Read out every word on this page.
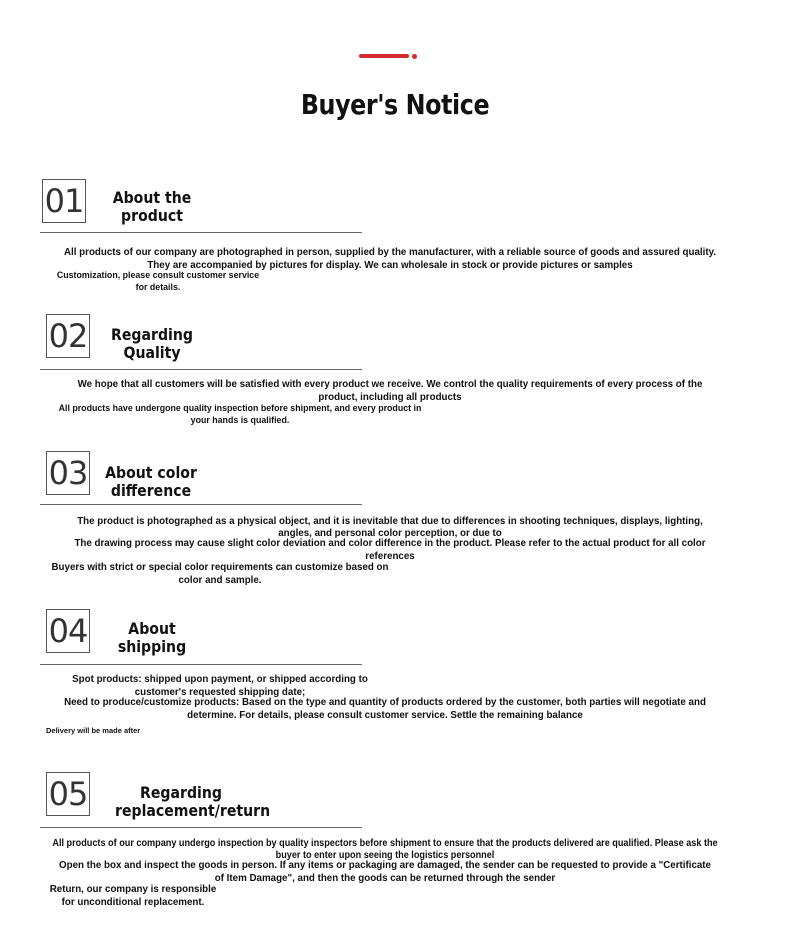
Buyer's Notice
01	About the
product
All products of our company are photographed in person, supplied by the manufacturer, with a reliable source of goods and assured quality.
They are accompanied by pictures for display. We can wholesale in stock or provide pictures or samples
Customization, please consult customer service
for details.
02	Regarding
Quality
We hope that all customers will be satisfied with every product we receive. We control the quality requirements of every process of the
product, including all products
All products have undergone quality inspection before shipment, and every product in
your hands is qualified.
03	About color
difference
The product is photographed as a physical object, and it is inevitable that due to differences in shooting techniques, displays, lighting,
angles, and personal color perception, or due to
The drawing process may cause slight color deviation and color difference in the product. Please refer to the actual product for all color
references
Buyers with strict or special color requirements can customize based on
color and sample.
04	About
shipping
Spot products: shipped upon payment, or shipped according to
customer's requested shipping date;
Need to produce/customize products: Based on the type and quantity of products ordered by the customer, both parties will negotiate and
determine. For details, please consult customer service. Settle the remaining balance
Delivery will be made after
05	Regarding
replacement/return
All products of our company undergo inspection by quality inspectors before shipment to ensure that the products delivered are qualified. Please ask the
buyer to enter upon seeing the logistics personnel
Open the box and inspect the goods in person. If any items or packaging are damaged, the sender can be requested to provide a "Certificate
of Item Damage", and then the goods can be returned through the sender
Return, our company is responsible
for unconditional replacement.
